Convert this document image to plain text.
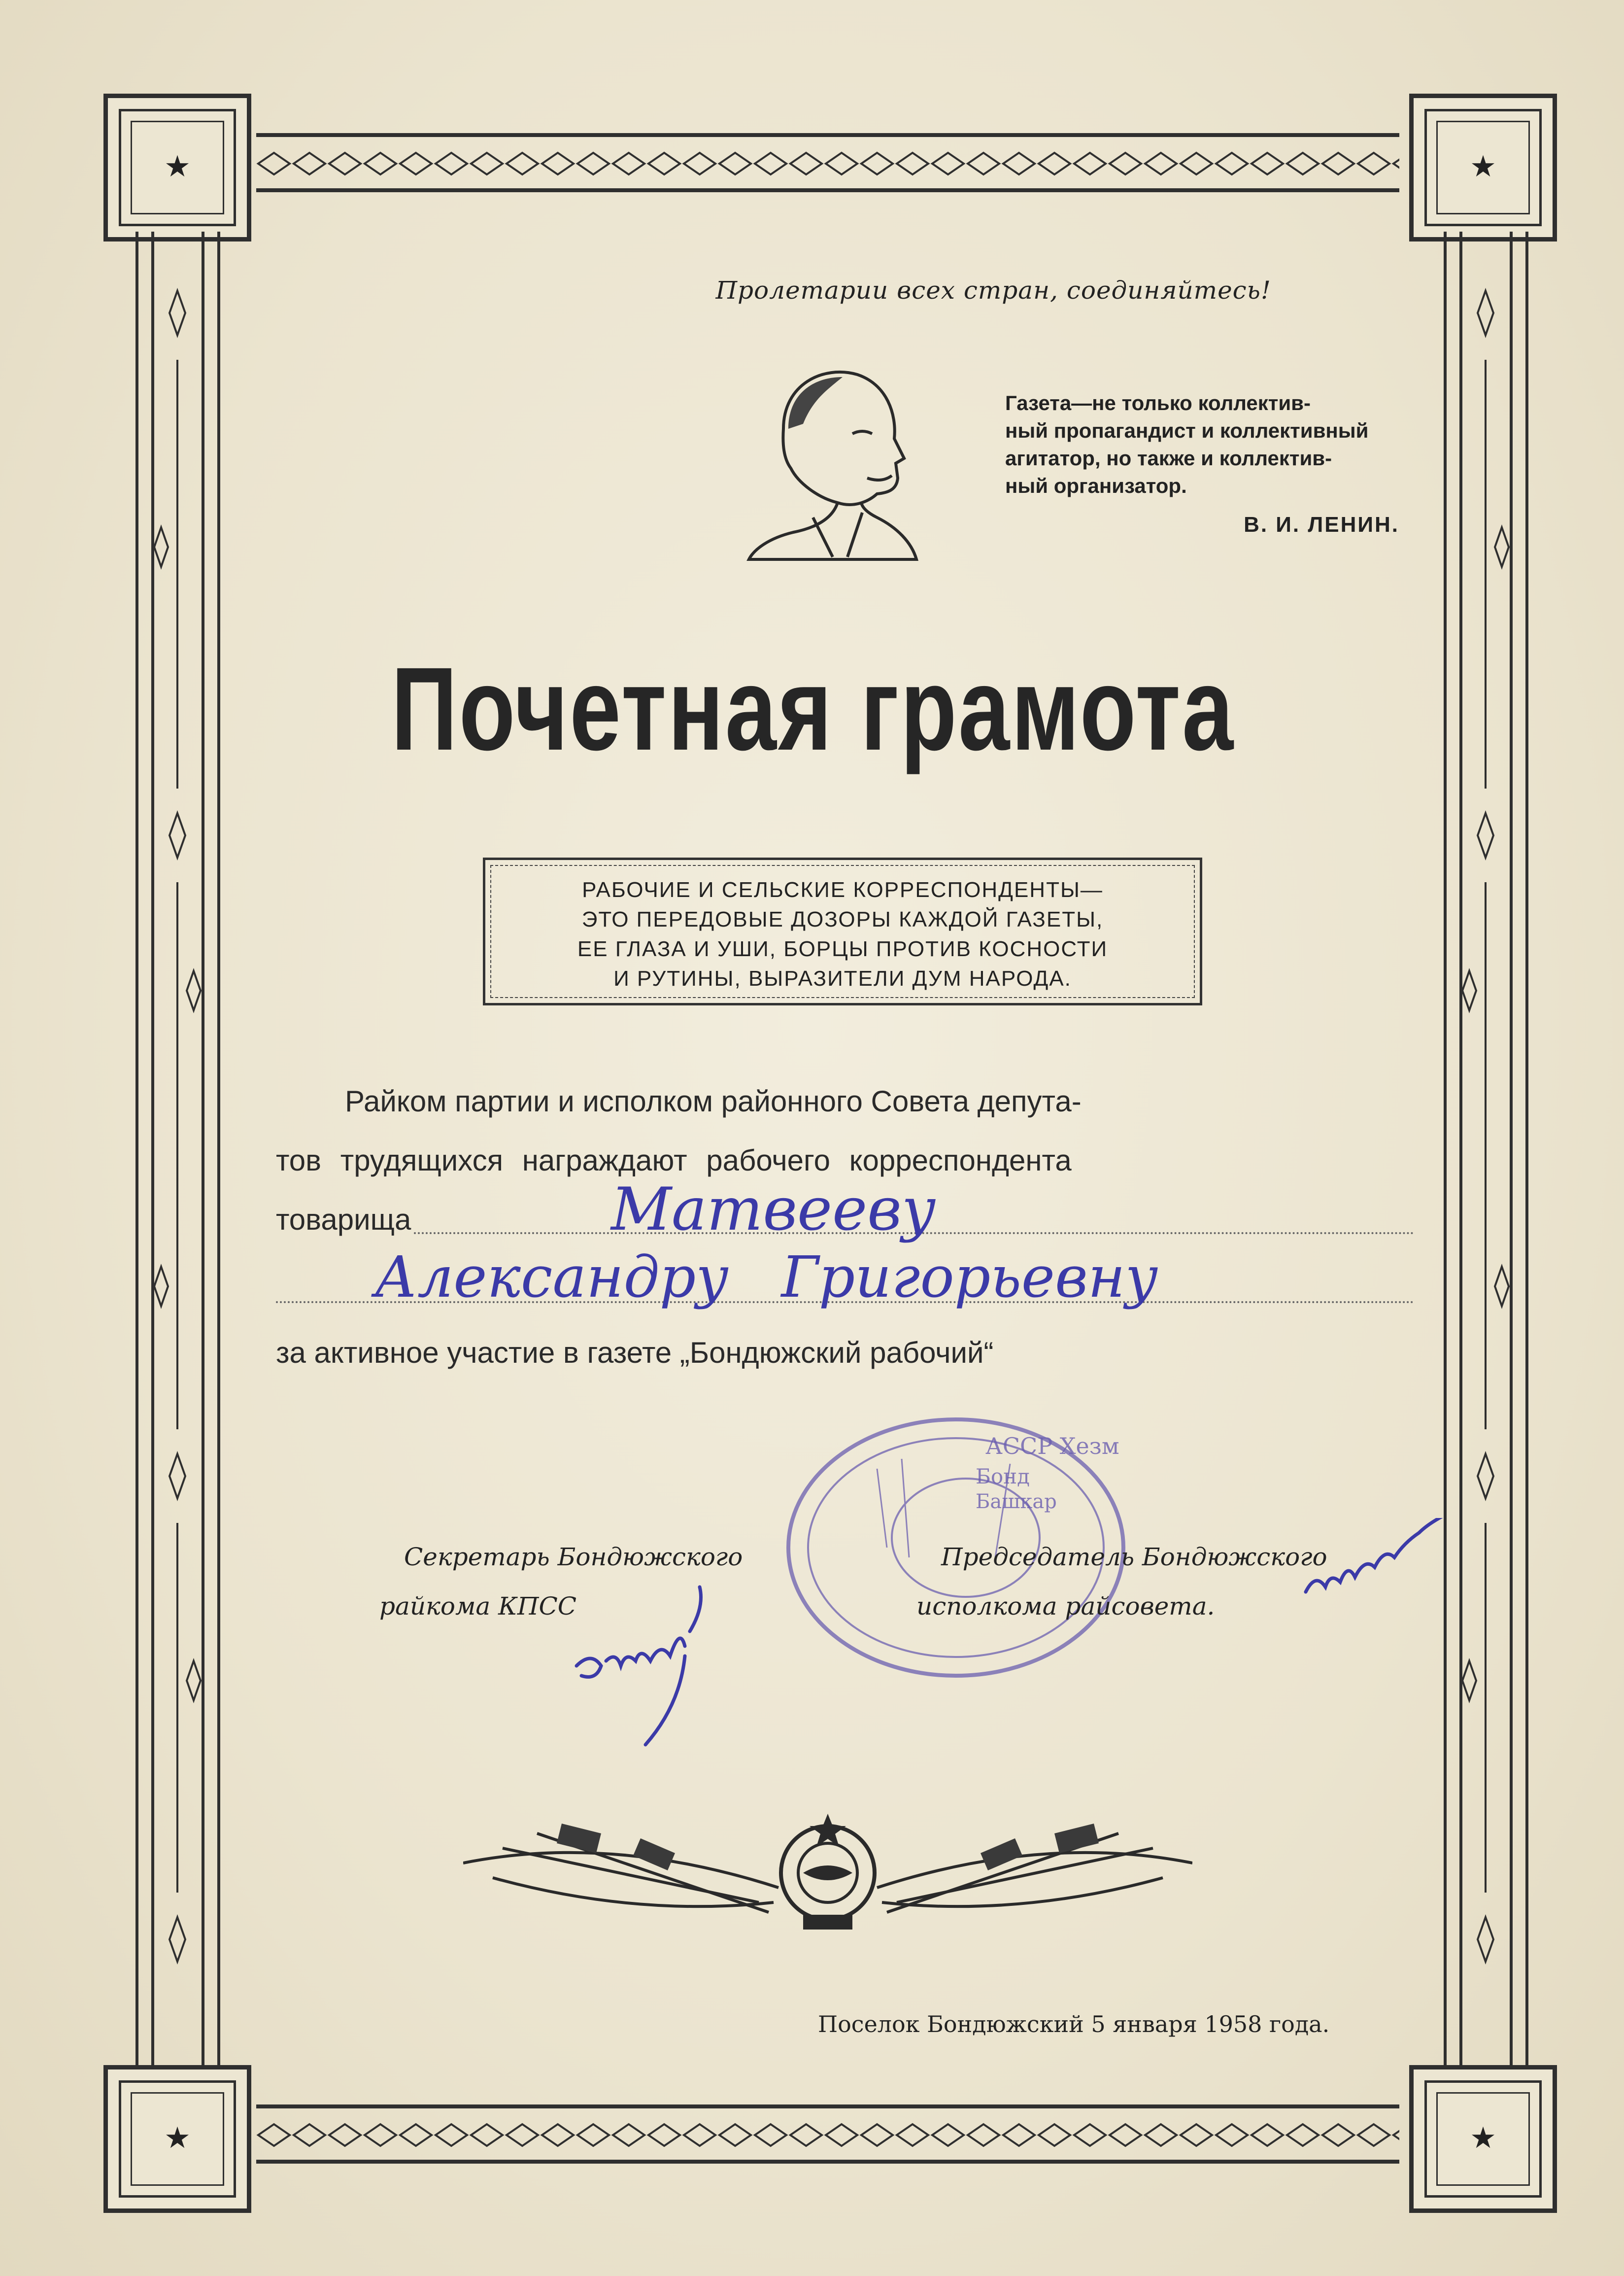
★	★
★	★
Пролетарии всех стран, соединяйтесь!
Газета—не только коллектив-
ный пропагандист и коллективный
агитатор, но также и коллектив-
ный организатор.
В. И. ЛЕНИН.
Почетная грамота
РАБОЧИЕ И СЕЛЬСКИЕ КОРРЕСПОНДЕНТЫ—
ЭТО ПЕРЕДОВЫЕ ДОЗОРЫ КАЖДОЙ ГАЗЕТЫ,
ЕЕ ГЛАЗА И УШИ, БОРЦЫ ПРОТИВ КОСНОСТИ
И РУТИНЫ, ВЫРАЗИТЕЛИ ДУМ НАРОДА.
Райком партии и исполком районного Совета депута-
тов трудящихся награждают рабочего корреспондента
товарища	Матвееву
Александру Григорьевну
за активное участие в газете „Бондюжский рабочий“
АССР Хезм
Бонд
Башкар
Секретарь Бондюжского
райкома КПСС
Председатель Бондюжского
исполкома райсовета.
Поселок Бондюжский 5 января 1958 года.
